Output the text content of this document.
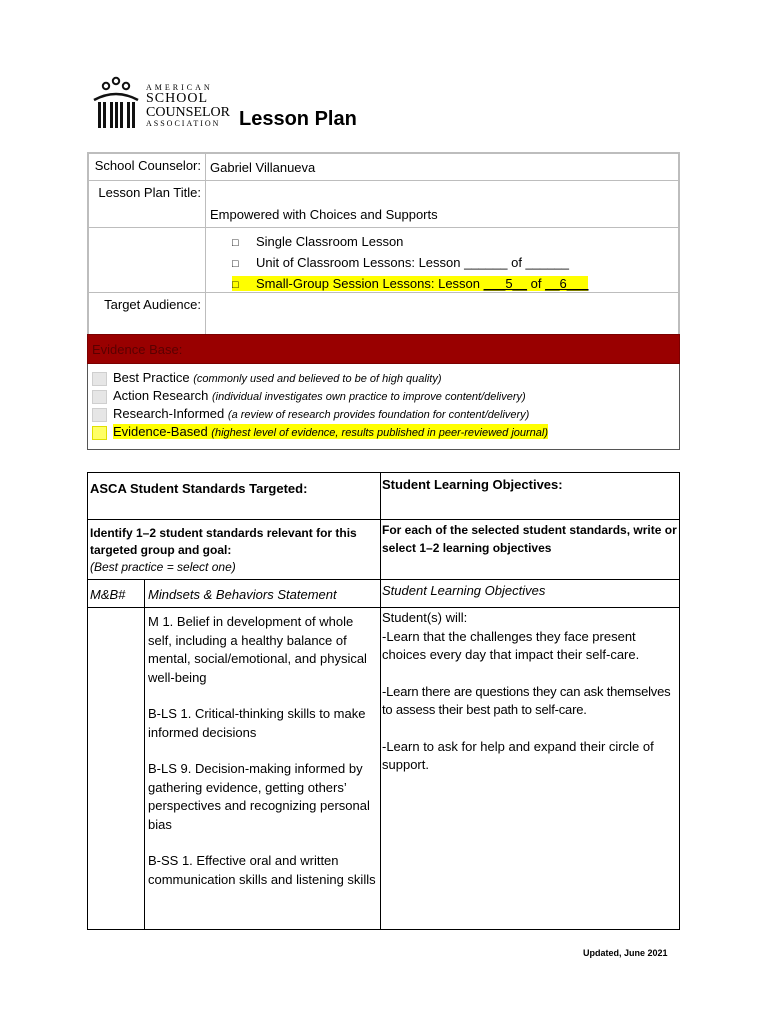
AMERICAN
SCHOOL
COUNSELOR
ASSOCIATION Lesson Plan
School Counselor: Gabriel Villanueva
Lesson Plan Title:
Empowered with Choices and Supports
□ Single Classroom Lesson
□ Unit of Classroom Lessons: Lesson ______ of ______
□ Small-Group Session Lessons: Lesson ___5__ of __6___
Target Audience:
Evidence Base:
Best Practice (commonly used and believed to be of high quality)
Action Research (individual investigates own practice to improve content/delivery)
Research-Informed (a review of research provides foundation for content/delivery)
Evidence-Based (highest level of evidence, results published in peer-reviewed journal)
ASCA Student Standards Targeted:	Student Learning Objectives:
Identify 1–2 student standards relevant for this targeted group and goal:
(Best practice = select one)
For each of the selected student standards, write or select 1–2 learning objectives
M&B#	Mindsets & Behaviors Statement	Student Learning Objectives
M 1. Belief in development of whole self, including a healthy balance of mental, social/emotional, and physical well-being
B-LS 1. Critical-thinking skills to make informed decisions
B-LS 9. Decision-making informed by gathering evidence, getting others’ perspectives and recognizing personal bias
B-SS 1. Effective oral and written communication skills and listening skills
Student(s) will:
-Learn that the challenges they face present choices every day that impact their self-care.
-Learn there are questions they can ask themselves to assess their best path to self-care.
-Learn to ask for help and expand their circle of support.
Updated, June 2021
